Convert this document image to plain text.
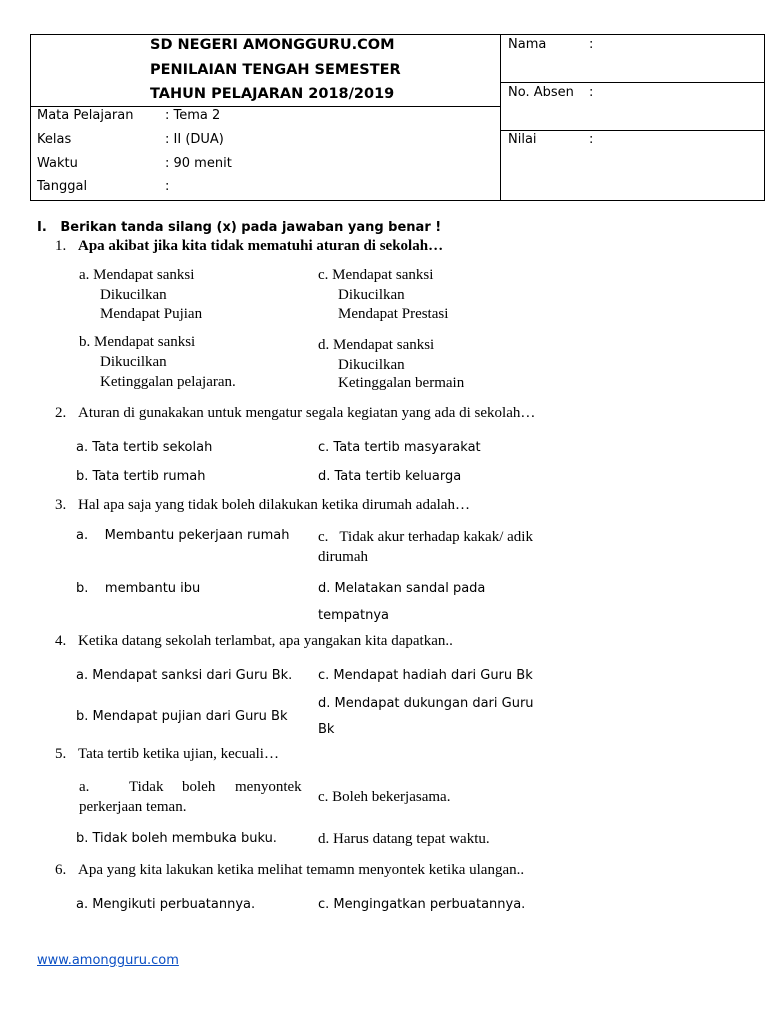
SD NEGERI AMONGGURU.COM
PENILAIAN TENGAH SEMESTER
TAHUN PELAJARAN 2018/2019
Mata Pelajaran : Tema 2
Kelas	: II (DUA)
Waktu	: 90 menit
Tanggal	:
Nama	:
No. Absen :
Nilai	:
I.   Berikan tanda silang (x) pada jawaban yang benar !
1. Apa akibat jika kita tidak mematuhi aturan di sekolah…
a. Mendapat sanksi
Dikucilkan
Mendapat Pujian
b. Mendapat sanksi
Dikucilkan
Ketinggalan pelajaran.
c. Mendapat sanksi
Dikucilkan
Mendapat Prestasi
d. Mendapat sanksi
Dikucilkan
Ketinggalan bermain
2. Aturan di gunakakan untuk mengatur segala kegiatan yang ada di sekolah…
a. Tata tertib sekolah
b. Tata tertib rumah
c. Tata tertib masyarakat
d. Tata tertib keluarga
3. Hal apa saja yang tidak boleh dilakukan ketika dirumah adalah…
a.    Membantu pekerjaan rumah
b.    membantu ibu
c.   Tidak akur terhadap kakak/ adik
dirumah
d. Melatakan sandal pada
tempatnya
4. Ketika datang sekolah terlambat, apa yangakan kita dapatkan..
a. Mendapat sanksi dari Guru Bk.
b. Mendapat pujian dari Guru Bk
c. Mendapat hadiah dari Guru Bk
d. Mendapat dukungan dari Guru
Bk
5. Tata tertib ketika ujian, kecuali…
a.	Tidak boleh menyontek
perkerjaan teman.
b. Tidak boleh membuka buku.
c. Boleh bekerjasama.
d. Harus datang tepat waktu.
6. Apa yang kita lakukan ketika melihat temamn menyontek ketika ulangan..
a. Mengikuti perbuatannya.	c. Mengingatkan perbuatannya.
www.amongguru.com
